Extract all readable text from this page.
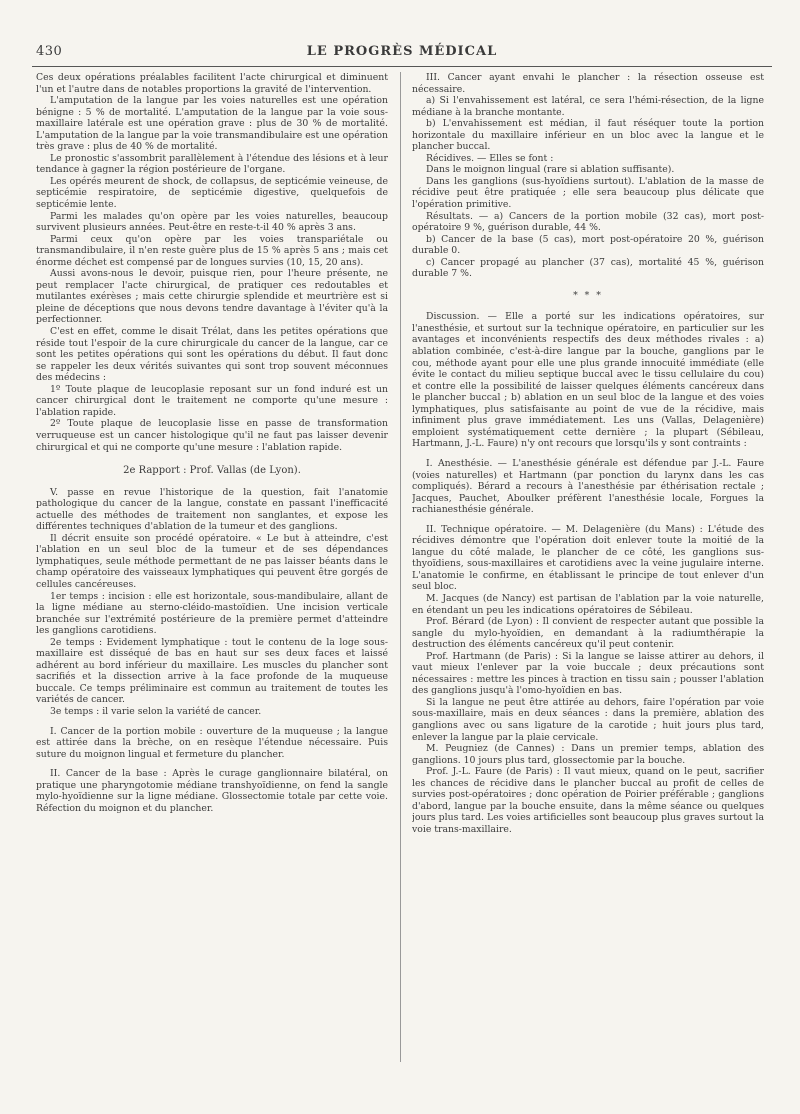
430	LE PROGRÈS MÉDICAL

Ces deux opérations préalables facilitent l'acte chirurgical et diminuent l'un et l'autre dans de notables proportions la gravité de l'intervention.

L'amputation de la langue par les voies naturelles est une opération bénigne : 5 % de mortalité. L'amputation de la langue par la voie sous-maxillaire latérale est une opération grave : plus de 30 % de mortalité. L'amputation de la langue par la voie transmandibulaire est une opération très grave : plus de 40 % de mortalité.

Le pronostic s'assombrit parallèlement à l'étendue des lésions et à leur tendance à gagner la région postérieure de l'organe.

Les opérés meurent de shock, de collapsus, de septicémie veineuse, de septicémie respiratoire, de septicémie digestive, quelquefois de septicémie lente.

Parmi les malades qu'on opère par les voies naturelles, beaucoup survivent plusieurs années. Peut-être en reste-t-il 40 % après 3 ans.

Parmi ceux qu'on opère par les voies transpariétale ou transmandibulaire, il n'en reste guère plus de 15 % après 5 ans ; mais cet énorme déchet est compensé par de longues survies (10, 15, 20 ans).

Aussi avons-nous le devoir, puisque rien, pour l'heure présente, ne peut remplacer l'acte chirurgical, de pratiquer ces redoutables et mutilantes exérèses ; mais cette chirurgie splendide et meurtrière est si pleine de déceptions que nous devons tendre davantage à l'éviter qu'à la perfectionner.

C'est en effet, comme le disait Trélat, dans les petites opérations que réside tout l'espoir de la cure chirurgicale du cancer de la langue, car ce sont les petites opérations qui sont les opérations du début. Il faut donc se rappeler les deux vérités suivantes qui sont trop souvent méconnues des médecins :

1º Toute plaque de leucoplasie reposant sur un fond induré est un cancer chirurgical dont le traitement ne comporte qu'une mesure : l'ablation rapide.

2º Toute plaque de leucoplasie lisse en passe de transformation verruqueuse est un cancer histologique qu'il ne faut pas laisser devenir chirurgical et qui ne comporte qu'une mesure : l'ablation rapide.

2e Rapport : Prof. Vallas (de Lyon).

V. passe en revue l'historique de la question, fait l'anatomie pathologique du cancer de la langue, constate en passant l'inefficacité actuelle des méthodes de traitement non sanglantes, et expose les différentes techniques d'ablation de la tumeur et des ganglions.

Il décrit ensuite son procédé opératoire. « Le but à atteindre, c'est l'ablation en un seul bloc de la tumeur et de ses dépendances lymphatiques, seule méthode permettant de ne pas laisser béants dans le champ opératoire des vaisseaux lymphatiques qui peuvent être gorgés de cellules cancéreuses.

1er temps : incision : elle est horizontale, sous-mandibulaire, allant de la ligne médiane au sterno-cléido-mastoïdien. Une incision verticale branchée sur l'extrémité postérieure de la première permet d'atteindre les ganglions carotidiens.

2e temps : Evidement lymphatique : tout le contenu de la loge sous-maxillaire est disséqué de bas en haut sur ses deux faces et laissé adhérent au bord inférieur du maxillaire. Les muscles du plancher sont sacrifiés et la dissection arrive à la face profonde de la muqueuse buccale. Ce temps préliminaire est commun au traitement de toutes les variétés de cancer.

3e temps : il varie selon la variété de cancer.

I. Cancer de la portion mobile : ouverture de la muqueuse ; la langue est attirée dans la brèche, on en resèque l'étendue nécessaire. Puis suture du moignon lingual et fermeture du plancher.

II. Cancer de la base : Après le curage ganglionnaire bilatéral, on pratique une pharyngotomie médiane transhyoïdienne, on fend la sangle mylo-hyoïdienne sur la ligne médiane. Glossectomie totale par cette voie. Réfection du moignon et du plancher.

III. Cancer ayant envahi le plancher : la résection osseuse est nécessaire.

a) Si l'envahissement est latéral, ce sera l'hémi-résection, de la ligne médiane à la branche montante.

b) L'envahissement est médian, il faut réséquer toute la portion horizontale du maxillaire inférieur en un bloc avec la langue et le plancher buccal.

Récidives. — Elles se font :

Dans le moignon lingual (rare si ablation suffisante).

Dans les ganglions (sus-hyoïdiens surtout). L'ablation de la masse de récidive peut être pratiquée ; elle sera beaucoup plus délicate que l'opération primitive.

Résultats. — a) Cancers de la portion mobile (32 cas), mort post-opératoire 9 %, guérison durable, 44 %.

b) Cancer de la base (5 cas), mort post-opératoire 20 %, guérison durable 0.

c) Cancer propagé au plancher (37 cas), mortalité 45 %, guérison durable 7 %.

* * *

Discussion. — Elle a porté sur les indications opératoires, sur l'anesthésie, et surtout sur la technique opératoire, en particulier sur les avantages et inconvénients respectifs des deux méthodes rivales : a) ablation combinée, c'est-à-dire langue par la bouche, ganglions par le cou, méthode ayant pour elle une plus grande innocuité immédiate (elle évite le contact du milieu septique buccal avec le tissu cellulaire du cou) et contre elle la possibilité de laisser quelques éléments cancéreux dans le plancher buccal ; b) ablation en un seul bloc de la langue et des voies lymphatiques, plus satisfaisante au point de vue de la récidive, mais infiniment plus grave immédiatement. Les uns (Vallas, Delagenière) emploient systématiquement cette dernière ; la plupart (Sébileau, Hartmann, J.-L. Faure) n'y ont recours que lorsqu'ils y sont contraints :

I. Anesthésie. — L'anesthésie générale est défendue par J.-L. Faure (voies naturelles) et Hartmann (par ponction du larynx dans les cas compliqués). Bérard a recours à l'anesthésie par éthérisation rectale ; Jacques, Pauchet, Aboulker préfèrent l'anesthésie locale, Forgues la rachianesthésie générale.

II. Technique opératoire. — M. Delagenière (du Mans) : L'étude des récidives démontre que l'opération doit enlever toute la moitié de la langue du côté malade, le plancher de ce côté, les ganglions sus-thyoïdiens, sous-maxillaires et carotidiens avec la veine jugulaire interne. L'anatomie le confirme, en établissant le principe de tout enlever d'un seul bloc.

M. Jacques (de Nancy) est partisan de l'ablation par la voie naturelle, en étendant un peu les indications opératoires de Sébileau.

Prof. Bérard (de Lyon) : Il convient de respecter autant que possible la sangle du mylo-hyoïdien, en demandant à la radiumthérapie la destruction des éléments cancéreux qu'il peut contenir.

Prof. Hartmann (de Paris) : Si la langue se laisse attirer au dehors, il vaut mieux l'enlever par la voie buccale ; deux précautions sont nécessaires : mettre les pinces à traction en tissu sain ; pousser l'ablation des ganglions jusqu'à l'omo-hyoïdien en bas.

Si la langue ne peut être attirée au dehors, faire l'opération par voie sous-maxillaire, mais en deux séances : dans la première, ablation des ganglions avec ou sans ligature de la carotide ; huit jours plus tard, enlever la langue par la plaie cervicale.

M. Peugniez (de Cannes) : Dans un premier temps, ablation des ganglions. 10 jours plus tard, glossectomie par la bouche.

Prof. J.-L. Faure (de Paris) : Il vaut mieux, quand on le peut, sacrifier les chances de récidive dans le plancher buccal au profit de celles de survies post-opératoires ; donc opération de Poirier préférable ; ganglions d'abord, langue par la bouche ensuite, dans la même séance ou quelques jours plus tard. Les voies artificielles sont beaucoup plus graves surtout la voie trans-maxillaire.
